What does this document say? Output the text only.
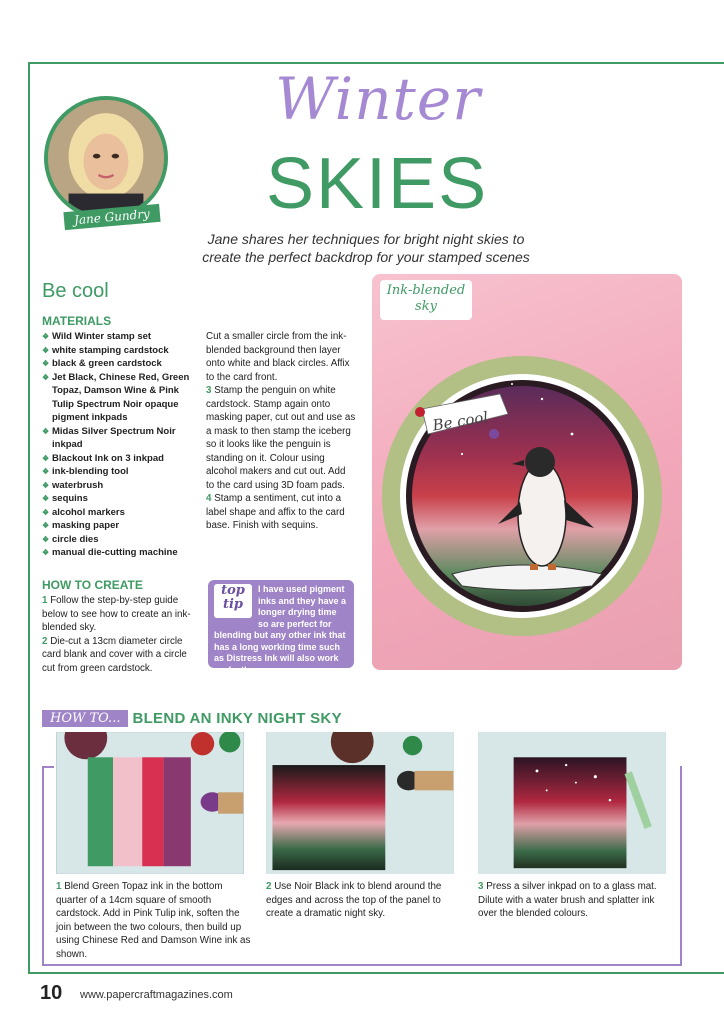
Jane Gundry
Winter
SKIES
Jane shares her techniques for bright night skies to create the perfect backdrop for your stamped scenes
Be cool
MATERIALS
❖ Wild Winter stamp set
❖ white stamping cardstock
❖ black & green cardstock
❖ Jet Black, Chinese Red, Green Topaz, Damson Wine & Pink Tulip Spectrum Noir opaque pigment inkpads
❖ Midas Silver Spectrum Noir inkpad
❖ Blackout Ink on 3 inkpad
❖ ink-blending tool
❖ waterbrush
❖ sequins
❖ alcohol markers
❖ masking paper
❖ circle dies
❖ manual die-cutting machine
HOW TO CREATE

1 Follow the step-by-step guide below to see how to create an ink-blended sky.

2 Die-cut a 13cm diameter circle card blank and cover with a circle cut from green cardstock.

Cut a smaller circle from the ink-blended background then layer onto white and black circles. Affix to the card front.

3 Stamp the penguin on white cardstock. Stamp again onto masking paper, cut out and use as a mask to then stamp the iceberg so it looks like the penguin is standing on it. Colour using alcohol makers and cut out. Add to the card using 3D foam pads.

4 Stamp a sentiment, cut into a label shape and affix to the card base. Finish with sequins.

top
tip
I have used pigment inks and they have a longer drying time so are perfect for blending but any other ink that has a long working time such as Distress Ink will also work perfectly
Be cool
Ink-blended
sky
HOW TO... BLEND AN INKY NIGHT SKY
1 Blend Green Topaz ink in the bottom quarter of a 14cm square of smooth cardstock. Add in Pink Tulip ink, soften the join between the two colours, then build up using Chinese Red and Damson Wine ink as shown.
2 Use Noir Black ink to blend around the edges and across the top of the panel to create a dramatic night sky.
3 Press a silver inkpad on to a glass mat. Dilute with a water brush and splatter ink over the blended colours.
10 www.papercraftmagazines.com
